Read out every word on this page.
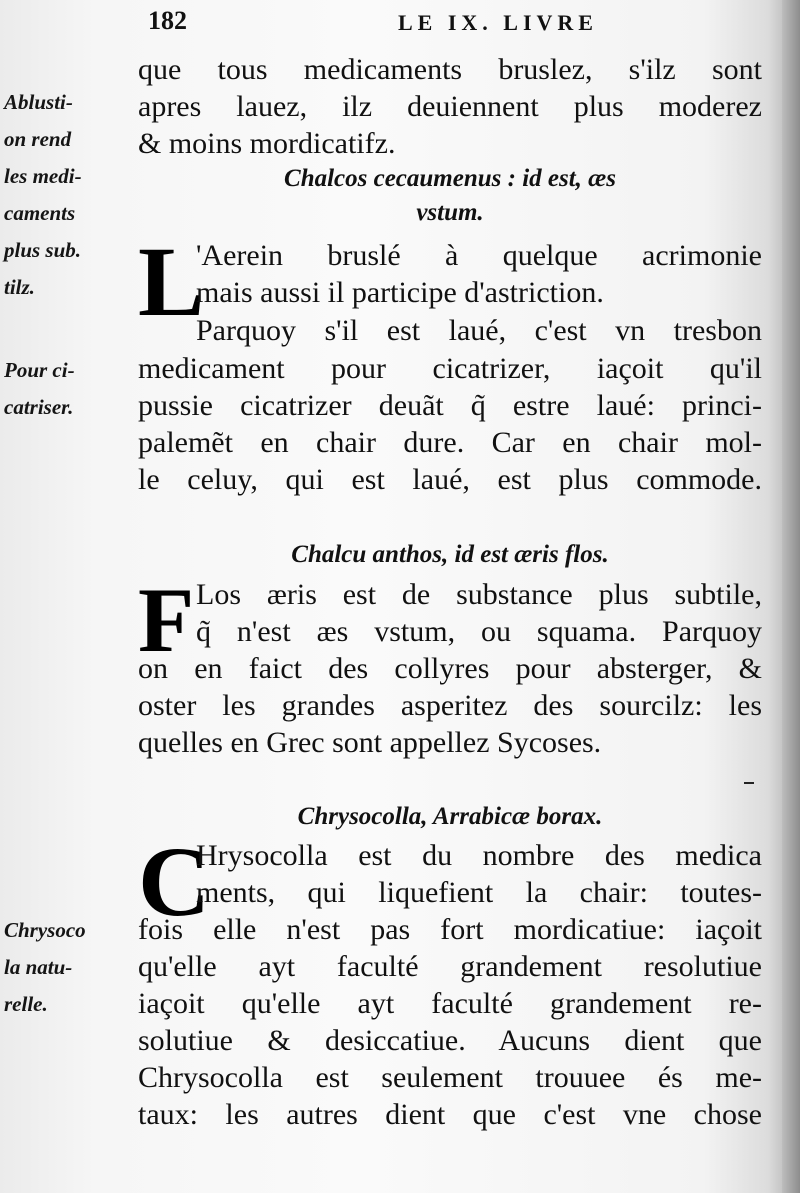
182	LE IX. LIVRE
Ablusti-
on rend
les medi-
caments
plus sub.
tilz.
Pour ci-
catriser.
Chrysoco
la natu-
relle.
que tous medicaments bruslez, s'ilz sont
apres lauez, ilz deuiennent plus moderez
& moins mordicatifz.
Chalcos cecaumenus : id est, æs
vstum.
L
'Aerein bruslé à quelque acrimonie
mais aussi il participe d'astriction.
Parquoy s'il est laué, c'est vn tresbon
medicament pour cicatrizer, iaçoit qu'il
pussie cicatrizer deuãt q̃ estre laué: princi-
palemẽt en chair dure. Car en chair mol-
le celuy, qui est laué, est plus commode.
Chalcu anthos, id est æris flos.
F Los æris est de substance plus subtile,
q̃ n'est æs vstum, ou squama. Parquoy
on en faict des collyres pour absterger, &
oster les grandes asperitez des sourcilz: les
quelles en Grec sont appellez Sycoses.
Chrysocolla, Arrabicæ borax.
C
Hrysocolla est du nombre des medica
ments, qui liquefient la chair: toutes-
fois elle n'est pas fort mordicatiue: iaçoit
qu'elle ayt faculté grandement resolutiue
iaçoit qu'elle ayt faculté grandement re-
solutiue & desiccatiue. Aucuns dient que
Chrysocolla est seulement trouuee és me-
taux: les autres dient que c'est vne chose
